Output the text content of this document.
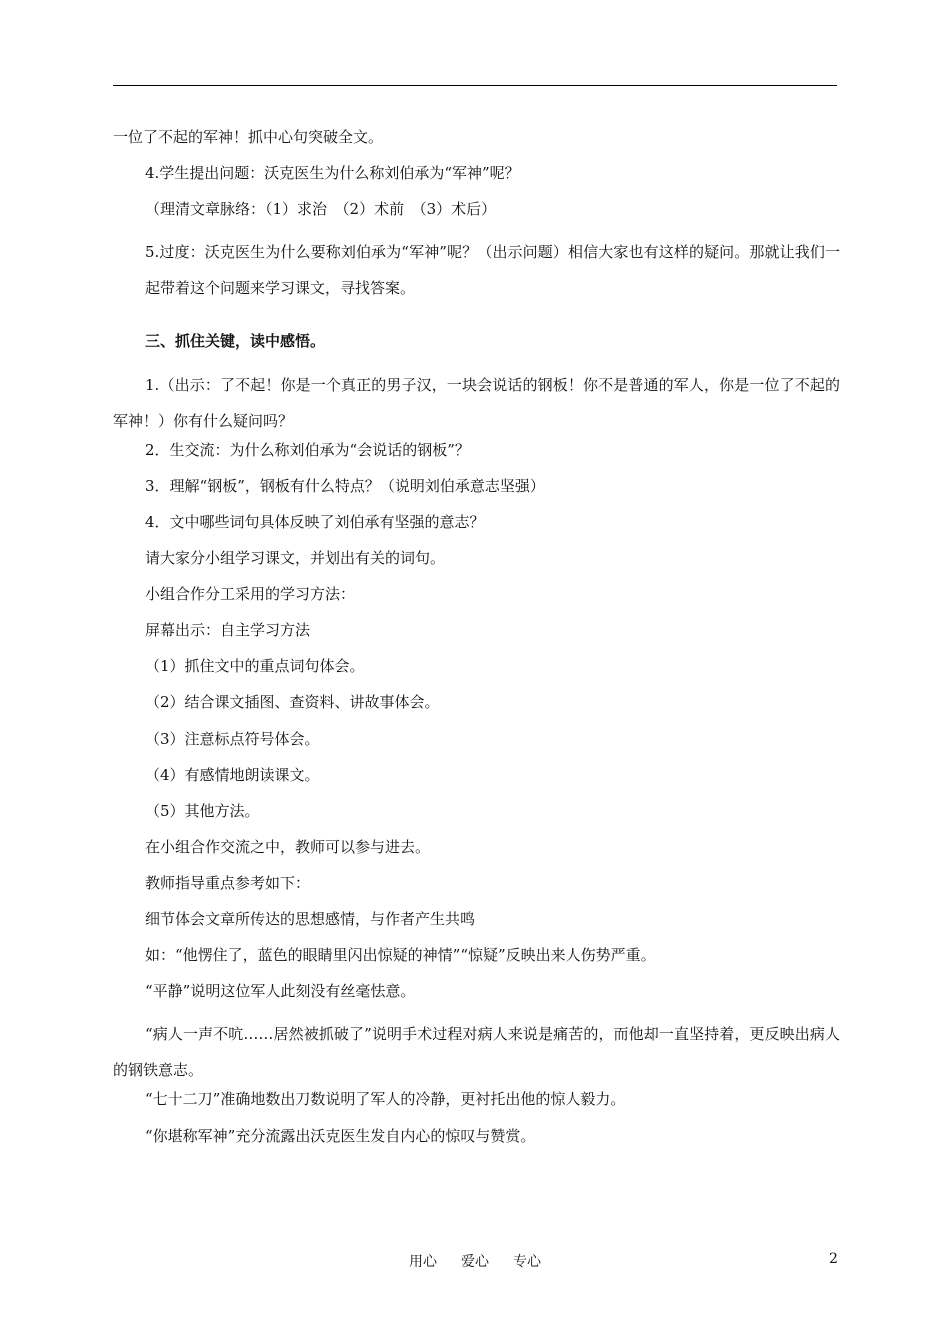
一位了不起的军神！抓中心句突破全文。
4.学生提出问题：沃克医生为什么称刘伯承为“军神”呢？
（理清文章脉络：（1）求治　（2）术前　（3）术后）
5.过度：沃克医生为什么要称刘伯承为“军神”呢？（出示问题）相信大家也有这样的疑问。那就让我们一起带着这个问题来学习课文，寻找答案。
三、抓住关键，读中感悟。
1.（出示：了不起！你是一个真正的男子汉，一块会说话的钢板！你不是普通的军人，你是一位了不起的军神！）你有什么疑问吗？
2．生交流：为什么称刘伯承为“会说话的钢板”？
3．理解“钢板”，钢板有什么特点？（说明刘伯承意志坚强）
4．文中哪些词句具体反映了刘伯承有坚强的意志？
请大家分小组学习课文，并划出有关的词句。
小组合作分工采用的学习方法：
屏幕出示：自主学习方法
（1）抓住文中的重点词句体会。
（2）结合课文插图、查资料、讲故事体会。
（3）注意标点符号体会。
（4）有感情地朗读课文。
（5）其他方法。
在小组合作交流之中，教师可以参与进去。
教师指导重点参考如下：
细节体会文章所传达的思想感情，与作者产生共鸣
如：“他愣住了，蓝色的眼睛里闪出惊疑的神情”“惊疑”反映出来人伤势严重。
“平静”说明这位军人此刻没有丝毫怯意。
“病人一声不吭……居然被抓破了”说明手术过程对病人来说是痛苦的，而他却一直坚持着，更反映出病人的钢铁意志。
“七十二刀”准确地数出刀数说明了军人的冷静，更衬托出他的惊人毅力。
“你堪称军神”充分流露出沃克医生发自内心的惊叹与赞赏。
用心 爱心 专心	2
